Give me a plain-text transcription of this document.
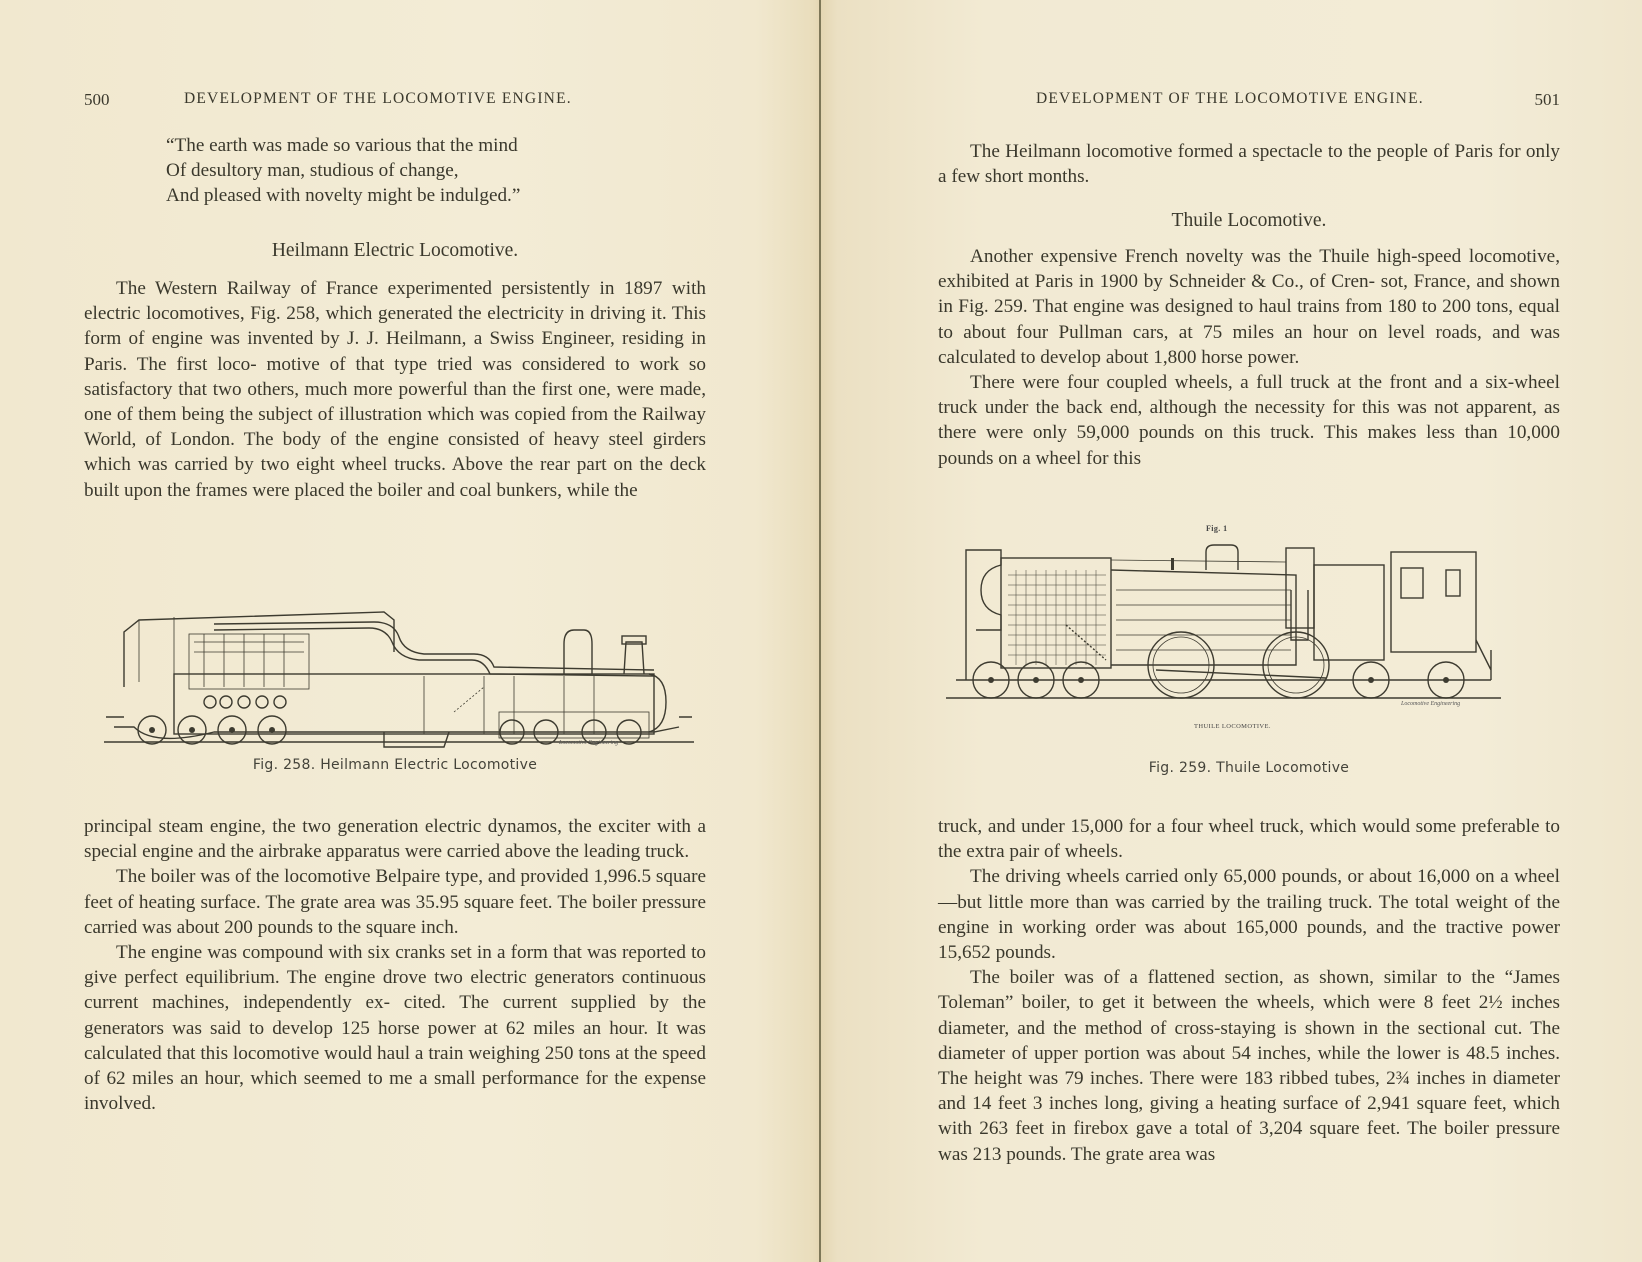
500	DEVELOPMENT OF THE LOCOMOTIVE ENGINE.
“The earth was made so various that the mind
Of desultory man, studious of change,
And pleased with novelty might be indulged.”
Heilmann Electric Locomotive.

The Western Railway of France experimented persistently in 1897 with electric locomotives, Fig. 258, which generated the electricity in driving it. This form of engine was invented by J. J. Heilmann, a Swiss Engineer, residing in Paris. The first loco- motive of that type tried was considered to work so satisfactory that two others, much more powerful than the first one, were made, one of them being the subject of illustration which was copied from the Railway World, of London. The body of the engine consisted of heavy steel girders which was carried by two eight wheel trucks. Above the rear part on the deck built upon the frames were placed the boiler and coal bunkers, while the

Locomotive Engineering
Fig. 258. Heilmann Electric Locomotive

principal steam engine, the two generation electric dynamos, the exciter with a special engine and the airbrake apparatus were carried above the leading truck.

The boiler was of the locomotive Belpaire type, and provided 1,996.5 square feet of heating surface. The grate area was 35.95 square feet. The boiler pressure carried was about 200 pounds to the square inch.

The engine was compound with six cranks set in a form that was reported to give perfect equilibrium. The engine drove two electric generators continuous current machines, independently ex- cited. The current supplied by the generators was said to develop 125 horse power at 62 miles an hour. It was calculated that this locomotive would haul a train weighing 250 tons at the speed of 62 miles an hour, which seemed to me a small performance for the expense involved.

DEVELOPMENT OF THE LOCOMOTIVE ENGINE.	501

The Heilmann locomotive formed a spectacle to the people of Paris for only a few short months.

Thuile Locomotive.

Another expensive French novelty was the Thuile high-speed locomotive, exhibited at Paris in 1900 by Schneider & Co., of Cren- sot, France, and shown in Fig. 259. That engine was designed to haul trains from 180 to 200 tons, equal to about four Pullman cars, at 75 miles an hour on level roads, and was calculated to develop about 1,800 horse power.

There were four coupled wheels, a full truck at the front and a six-wheel truck under the back end, although the necessity for this was not apparent, as there were only 59,000 pounds on this truck. This makes less than 10,000 pounds on a wheel for this

Fig. 1
Locomotive Engineering
THUILE LOCOMOTIVE.
Fig. 259. Thuile Locomotive

truck, and under 15,000 for a four wheel truck, which would some preferable to the extra pair of wheels.

The driving wheels carried only 65,000 pounds, or about 16,000 on a wheel—but little more than was carried by the trailing truck. The total weight of the engine in working order was about 165,000 pounds, and the tractive power 15,652 pounds.

The boiler was of a flattened section, as shown, similar to the “James Toleman” boiler, to get it between the wheels, which were 8 feet 2½ inches diameter, and the method of cross-staying is shown in the sectional cut. The diameter of upper portion was about 54 inches, while the lower is 48.5 inches. The height was 79 inches. There were 183 ribbed tubes, 2¾ inches in diameter and 14 feet 3 inches long, giving a heating surface of 2,941 square feet, which with 263 feet in firebox gave a total of 3,204 square feet. The boiler pressure was 213 pounds. The grate area was
